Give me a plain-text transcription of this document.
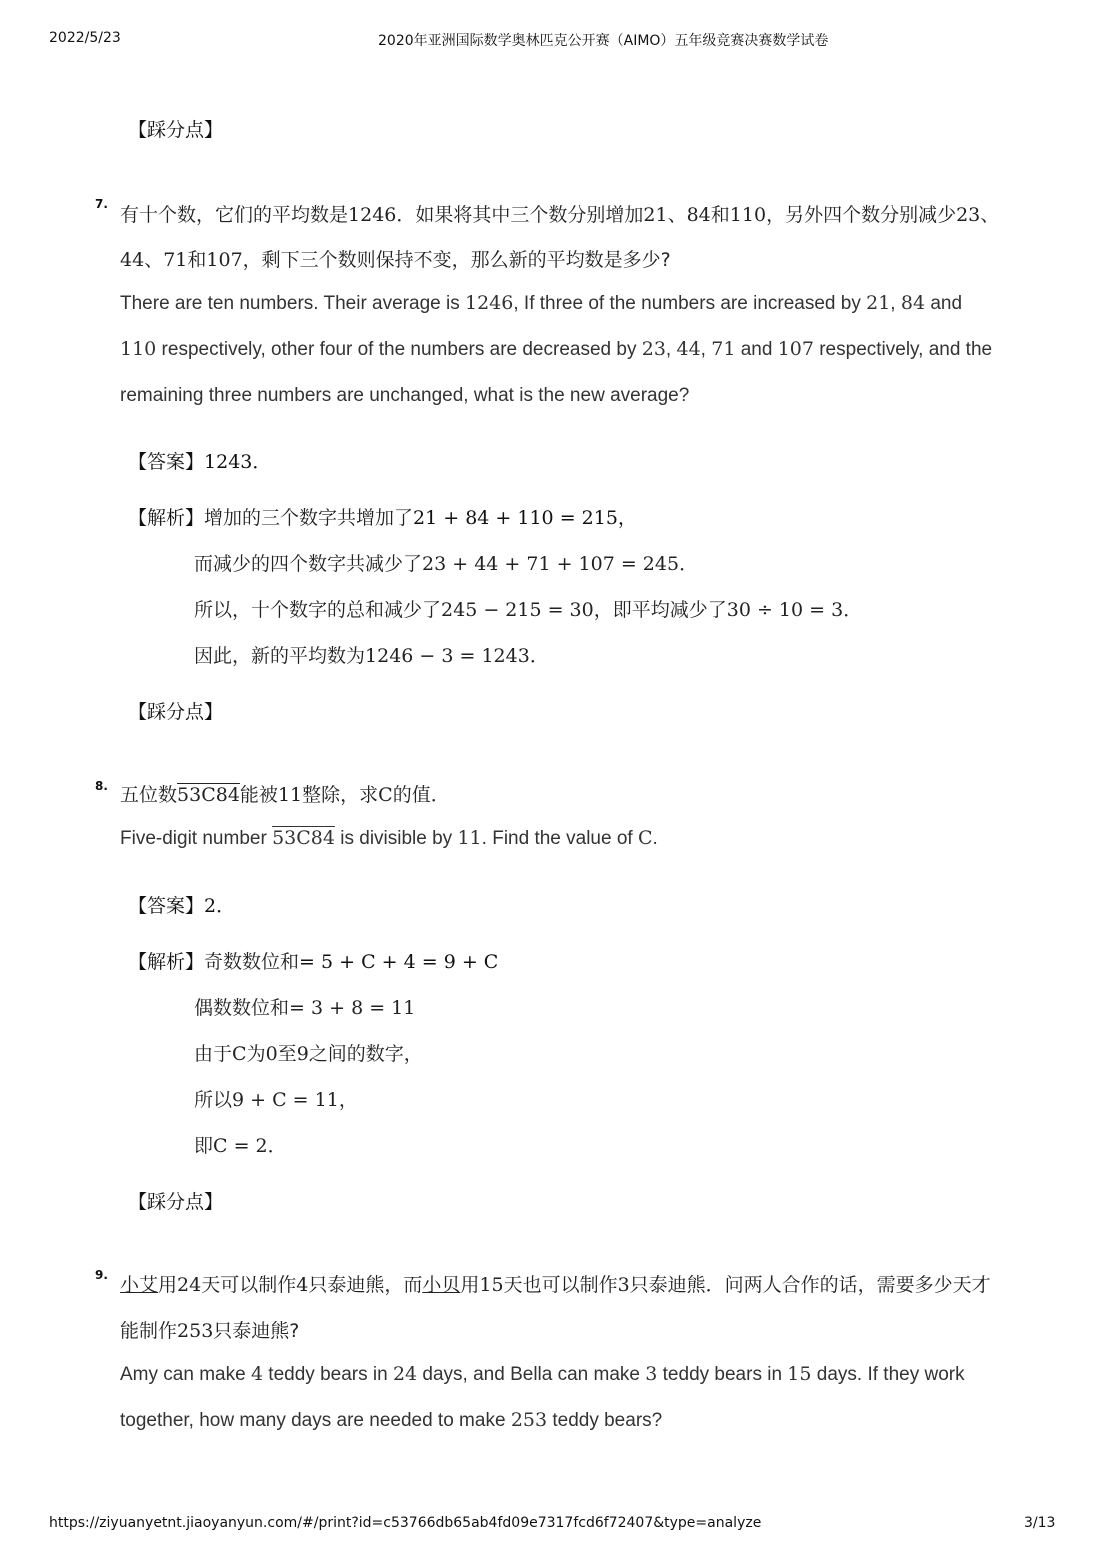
2022/5/23	2020年亚洲国际数学奥林匹克公开赛（AIMO）五年级竞赛决赛数学试卷
【踩分点】
7. 有十个数，它们的平均数是1246．如果将其中三个数分别增加21、84和110，另外四个数分别减少23、
44、71和107，剩下三个数则保持不变，那么新的平均数是多少?
There are ten numbers. Their average is 1246, If three of the numbers are increased by 21, 84 and
110 respectively, other four of the numbers are decreased by 23, 44, 71 and 107 respectively, and the
remaining three numbers are unchanged, what is the new average?
【答案】1243．
【解析】增加的三个数字共增加了21 + 84 + 110 = 215，
而减少的四个数字共减少了23 + 44 + 71 + 107 = 245．
所以，十个数字的总和减少了245 − 215 = 30，即平均减少了30 ÷ 10 = 3．
因此，新的平均数为1246 − 3 = 1243．
【踩分点】
8. 五位数53C84能被11整除，求C的值．
Five-digit number 53C84 is divisible by 11. Find the value of C.
【答案】2．
【解析】奇数数位和= 5 + C + 4 = 9 + C
偶数数位和= 3 + 8 = 11
由于C为0至9之间的数字，
所以9 + C = 11，
即C = 2．
【踩分点】
9. 小艾用24天可以制作4只泰迪熊，而小贝用15天也可以制作3只泰迪熊．问两人合作的话，需要多少天才
能制作253只泰迪熊?
Amy can make 4 teddy bears in 24 days, and Bella can make 3 teddy bears in 15 days. If they work
together, how many days are needed to make 253 teddy bears?
https://ziyuanyetnt.jiaoyanyun.com/#/print?id=c53766db65ab4fd09e7317fcd6f72407&type=analyze	3/13
